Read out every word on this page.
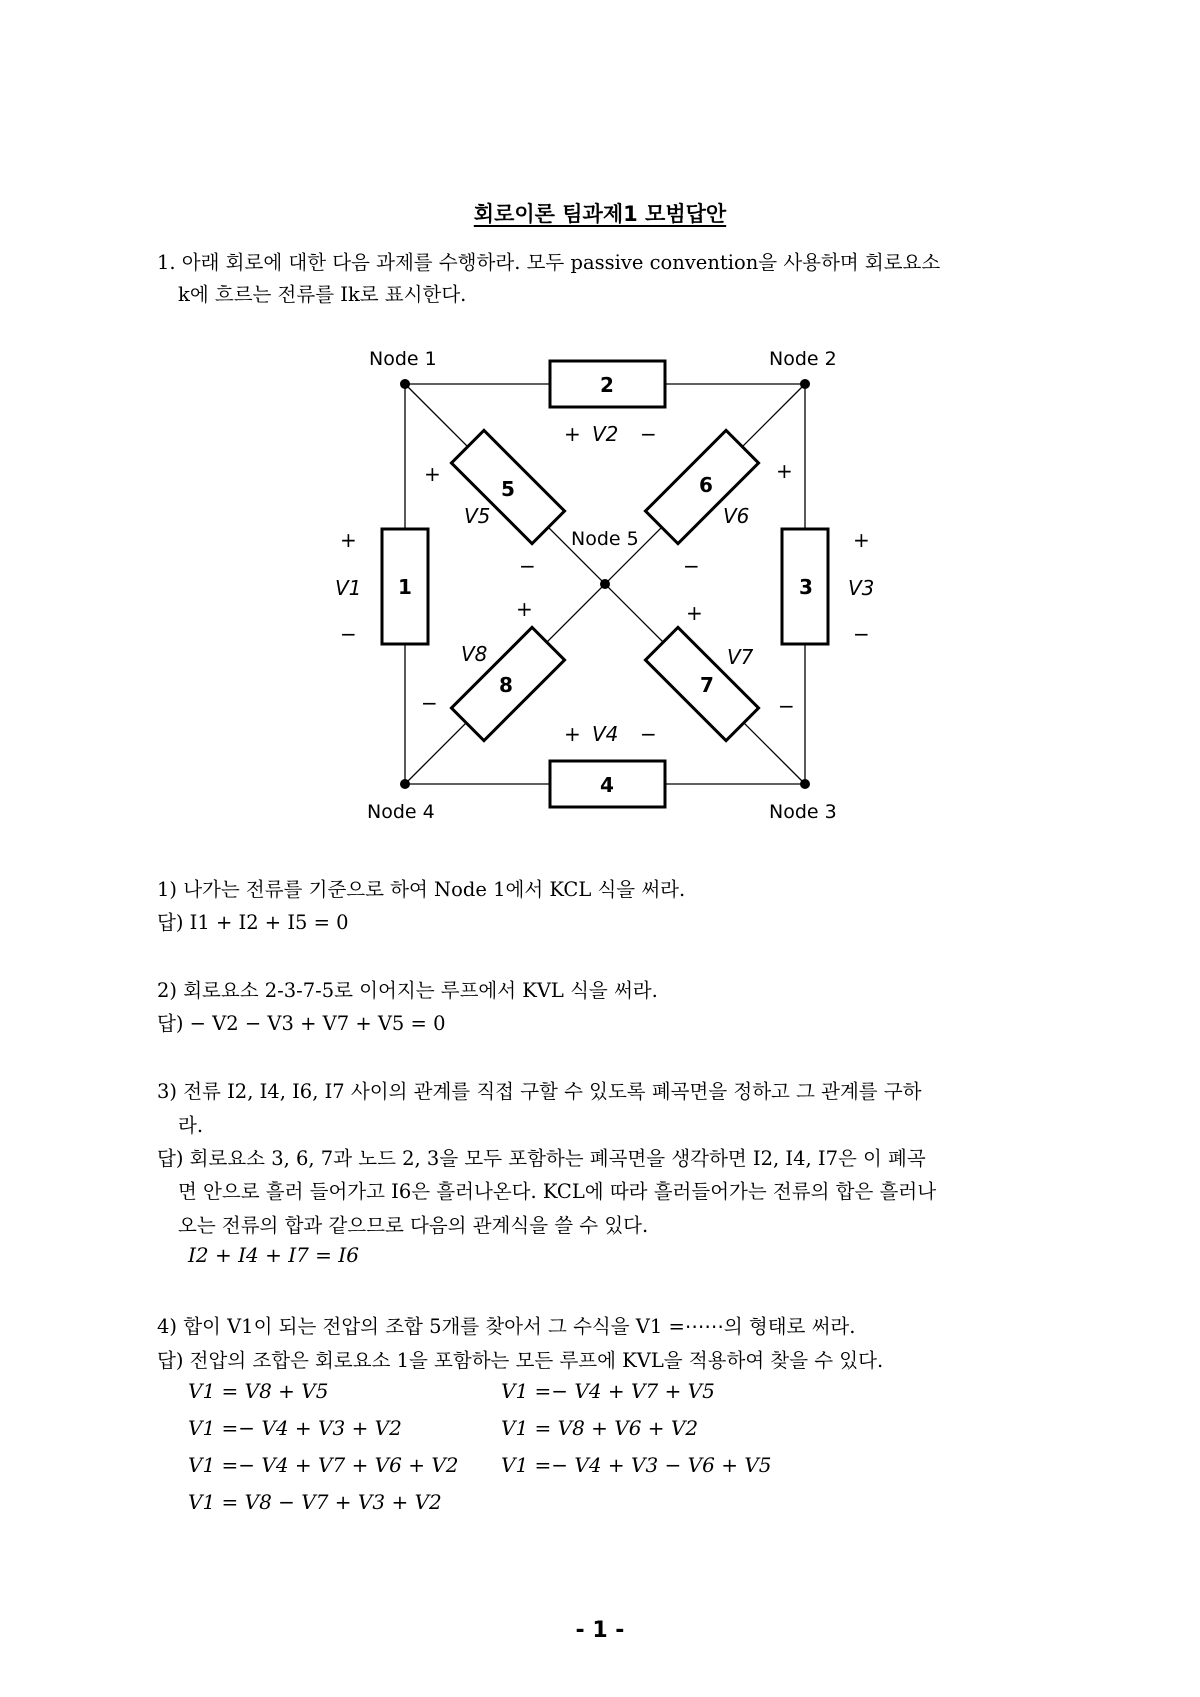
회로이론 팀과제1 모범답안
1. 아래 회로에 대한 다음 과제를 수행하라. 모두 passive convention을 사용하며 회로요소
k에 흐르는 전류를 Ik로 표시한다.
Node 1	Node 2
Node 3
Node 4
Node 5
2
4
1	3
5	6
7
8
+	−
+	−
+
−
+
−
+
−
+
−
+
−
+
−
V2
V4
V1	V3
V5	V6
V7
V8
1) 나가는 전류를 기준으로 하여 Node 1에서 KCL 식을 써라.
답) I1 + I2 + I5 = 0
2) 회로요소 2-3-7-5로 이어지는 루프에서 KVL 식을 써라.
답) − V2 − V3 + V7 + V5 = 0
3) 전류 I2, I4, I6, I7 사이의 관계를 직접 구할 수 있도록 폐곡면을 정하고 그 관계를 구하
라.
답) 회로요소 3, 6, 7과 노드 2, 3을 모두 포함하는 폐곡면을 생각하면 I2, I4, I7은 이 폐곡
면 안으로 흘러 들어가고 I6은 흘러나온다. KCL에 따라 흘러들어가는 전류의 합은 흘러나
오는 전류의 합과 같으므로 다음의 관계식을 쓸 수 있다.
I2 + I4 + I7 = I6
4) 합이 V1이 되는 전압의 조합 5개를 찾아서 그 수식을 V1 =⋯⋯의 형태로 써라.
답) 전압의 조합은 회로요소 1을 포함하는 모든 루프에 KVL을 적용하여 찾을 수 있다.
V1 = V8 + V5	V1 =− V4 + V7 + V5
V1 =− V4 + V3 + V2	V1 = V8 + V6 + V2
V1 =− V4 + V7 + V6 + V2 V1 =− V4 + V3 − V6 + V5
V1 = V8 − V7 + V3 + V2
- 1 -
